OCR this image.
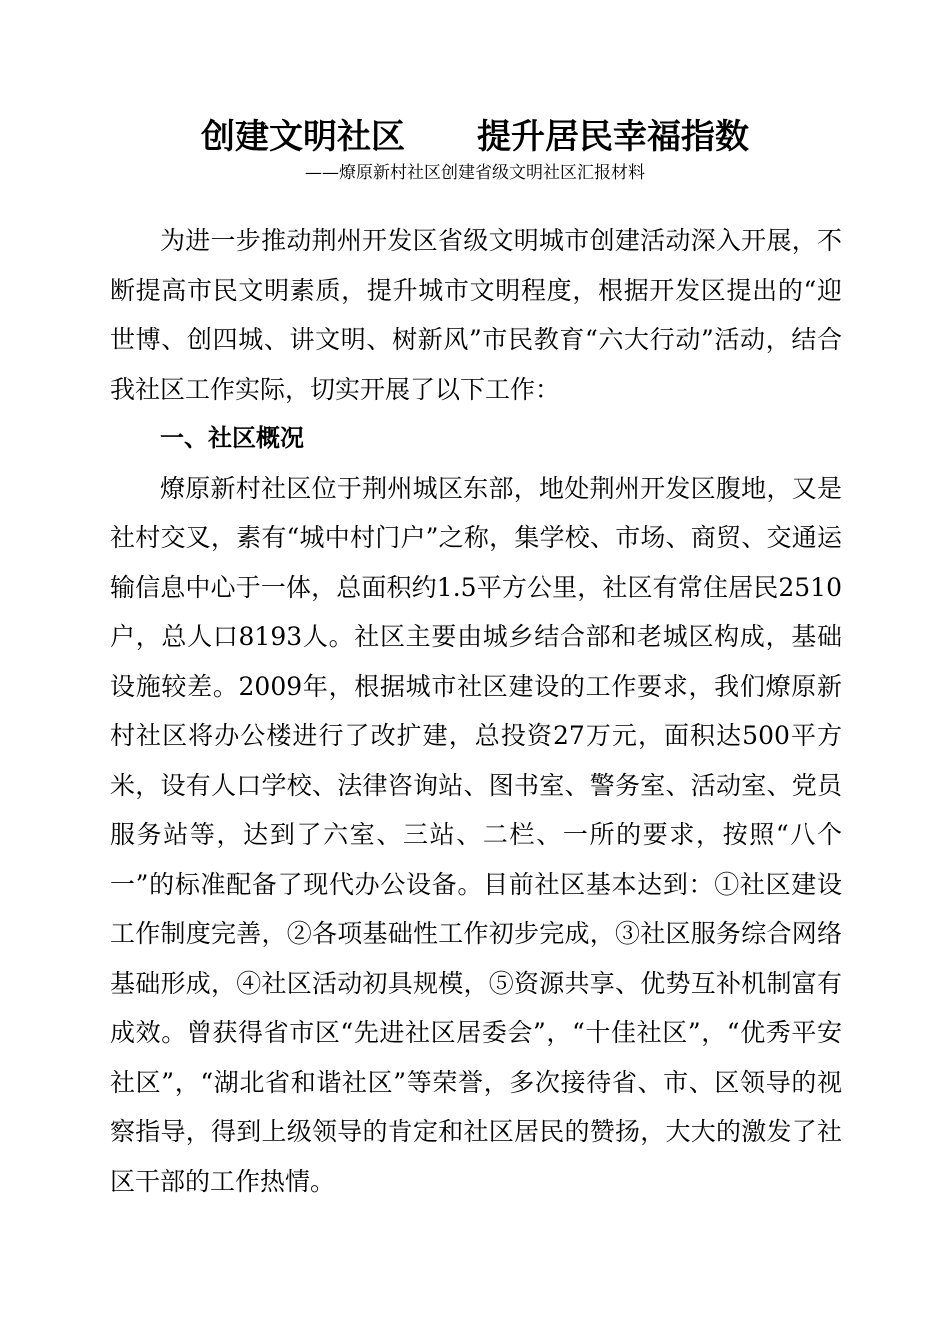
创建文明社区 提升居民幸福指数
——燎原新村社区创建省级文明社区汇报材料

为进一步推动荆州开发区省级文明城市创建活动深入开展，不断提高市民文明素质，提升城市文明程度，根据开发区提出的“迎世博、创四城、讲文明、树新风”市民教育“六大行动”活动，结合我社区工作实际，切实开展了以下工作：

一、社区概况

燎原新村社区位于荆州城区东部，地处荆州开发区腹地，又是社村交叉，素有“城中村门户”之称，集学校、市场、商贸、交通运输信息中心于一体，总面积约1.5平方公里，社区有常住居民2510户，总人口8193人。社区主要由城乡结合部和老城区构成，基础设施较差。2009年，根据城市社区建设的工作要求，我们燎原新村社区将办公楼进行了改扩建，总投资27万元，面积达500平方米，设有人口学校、法律咨询站、图书室、警务室、活动室、党员服务站等，达到了六室、三站、二栏、一所的要求，按照“八个一”的标准配备了现代办公设备。目前社区基本达到：①社区建设工作制度完善，②各项基础性工作初步完成，③社区服务综合网络基础形成，④社区活动初具规模，⑤资源共享、优势互补机制富有成效。曾获得省市区“先进社区居委会”，“十佳社区”，“优秀平安社区”，“湖北省和谐社区”等荣誉，多次接待省、市、区领导的视察指导，得到上级领导的肯定和社区居民的赞扬，大大的激发了社区干部的工作热情。
